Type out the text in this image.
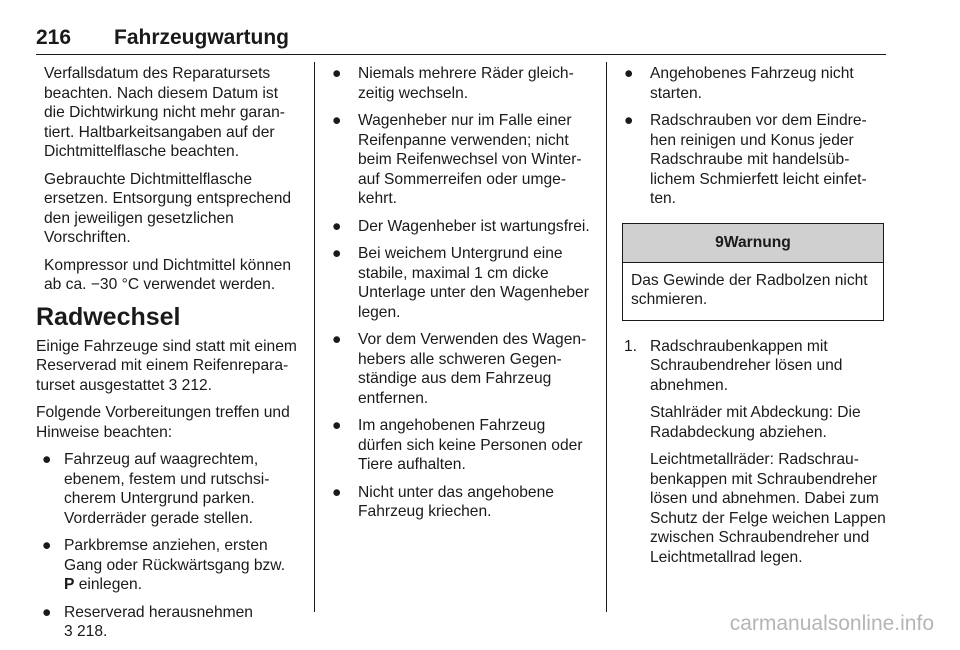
216 Fahrzeugwartung

Verfallsdatum des Reparatursets beachten. Nach diesem Datum ist die Dichtwirkung nicht mehr garantiert. Haltbarkeitsangaben auf der Dichtmittelflasche beachten.

Gebrauchte Dichtmittelflasche ersetzen. Entsorgung entsprechend den jeweiligen gesetzlichen Vorschriften.

Kompressor und Dichtmittel können ab ca. −30 °C verwendet werden.

Radwechsel

Einige Fahrzeuge sind statt mit einem Reserverad mit einem Reifenreparaturset ausgestattet 3 212.

Folgende Vorbereitungen treffen und Hinweise beachten:

● Fahrzeug auf waagrechtem, ebenem, festem und rutschsicherem Untergrund parken. Vorderräder gerade stellen.
● Parkbremse anziehen, ersten Gang oder Rückwärtsgang bzw. P einlegen.
● Reserverad herausnehmen
3 218.
● Niemals mehrere Räder gleichzeitig wechseln.
● Wagenheber nur im Falle einer Reifenpanne verwenden; nicht beim Reifenwechsel von Winter- auf Sommerreifen oder umgekehrt.
● Der Wagenheber ist wartungsfrei.
● Bei weichem Untergrund eine stabile, maximal 1 cm dicke Unterlage unter den Wagenheber legen.
● Vor dem Verwenden des Wagenhebers alle schweren Gegenständige aus dem Fahrzeug entfernen.
● Im angehobenen Fahrzeug dürfen sich keine Personen oder Tiere aufhalten.
● Nicht unter das angehobene Fahrzeug kriechen.
● Angehobenes Fahrzeug nicht starten.
● Radschrauben vor dem Eindrehen reinigen und Konus jeder Radschraube mit handelsüblichem Schmierfett leicht einfetten.
9Warnung
Das Gewinde der Radbolzen nicht schmieren.
1. Radschraubenkappen mit Schraubendreher lösen und abnehmen.

Stahlräder mit Abdeckung: Die Radabdeckung abziehen.

Leichtmetallräder: Radschraubenkappen mit Schraubendreher lösen und abnehmen. Dabei zum Schutz der Felge weichen Lappen zwischen Schraubendreher und Leichtmetallrad legen.

carmanualsonline.info
